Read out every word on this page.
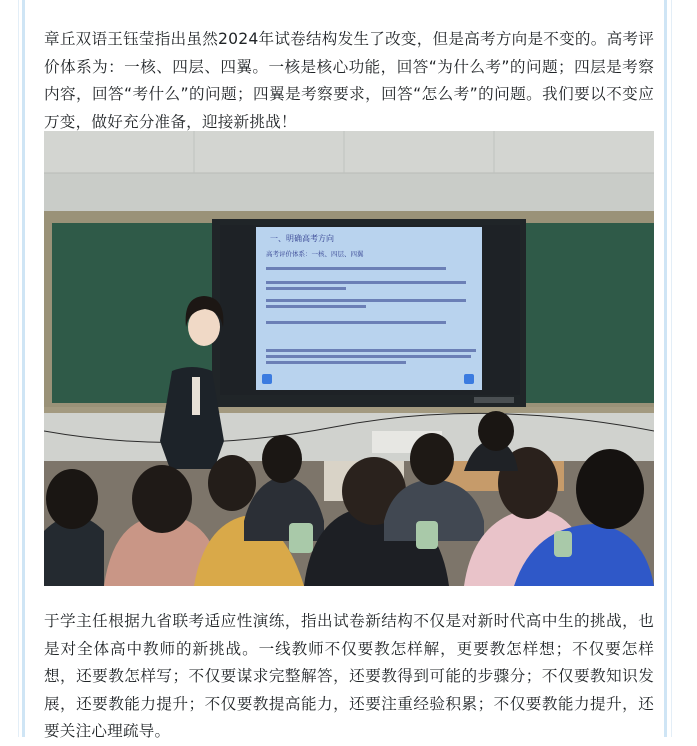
章丘双语王钰莹指出虽然2024年试卷结构发生了改变，但是高考方向是不变的。高考评价体系为：一核、四层、四翼。一核是核心功能，回答“为什么考”的问题；四层是考察内容，回答“考什么”的问题；四翼是考察要求，回答“怎么考”的问题。我们要以不变应万变，做好充分准备，迎接新挑战！

一、明确高考方向
高考评价体系：一核、四层、四翼

于学主任根据九省联考适应性演练，指出试卷新结构不仅是对新时代高中生的挑战，也是对全体高中教师的新挑战。一线教师不仅要教怎样解，更要教怎样想；不仅要怎样想，还要教怎样写；不仅要谋求完整解答，还要教得到可能的步骤分；不仅要教知识发展，还要教能力提升；不仅要教提高能力，还要注重经验积累；不仅要教能力提升，还要关注心理疏导。
